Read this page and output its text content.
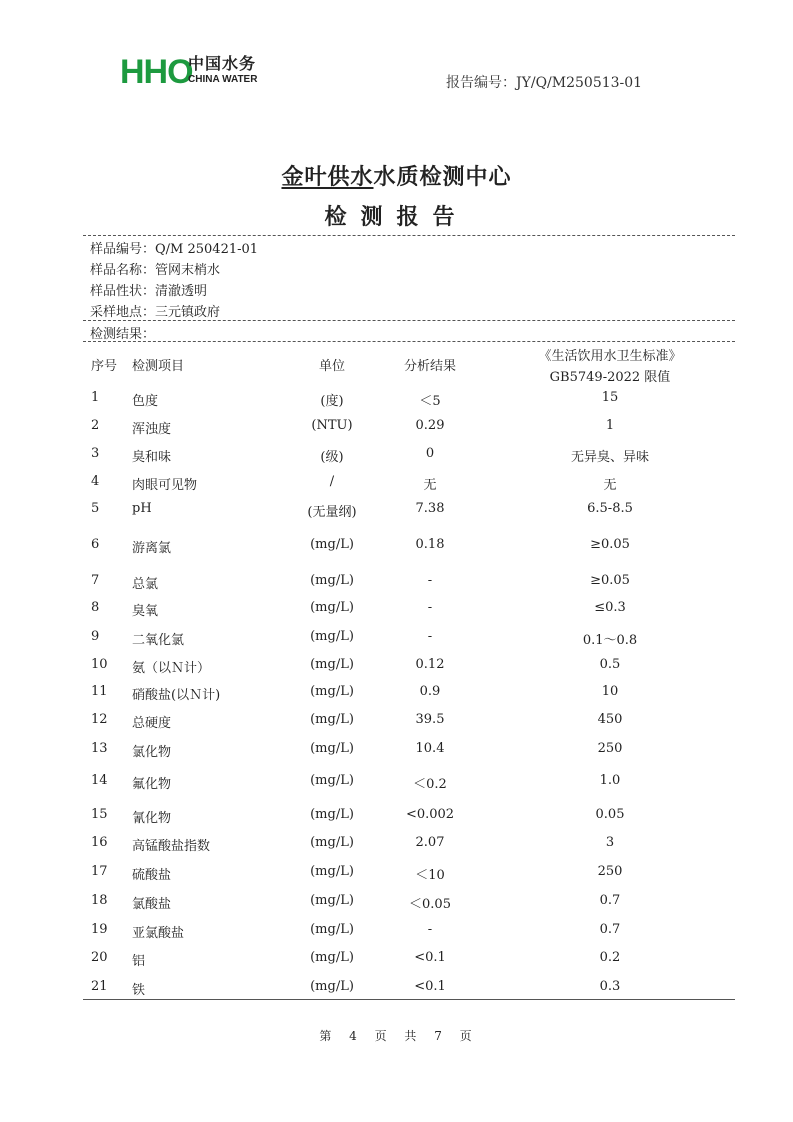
HHO
中国水务
CHINA WATER	报告编号：JY/Q/M250513-01
金叶供水水质检测中心
检测报告
样品编号：Q/M 250421-01
样品名称：管网末梢水
样品性状：清澈透明
采样地点：三元镇政府
检测结果：
序号 检测项目	单位	分析结果
《生活饮用水卫生标准》
GB5749-2022 限值
1	色度	(度)	＜5	15
2	浑浊度	(NTU)	0.29	1
3	臭和味	(级)	0	无异臭、异味
4	肉眼可见物	/	无	无
5	pH	(无量纲)	7.38	6.5-8.5
6	游离氯	(mg/L)	0.18	≥0.05
7	总氯	(mg/L)	-	≥0.05
8	臭氧	(mg/L)	-	≤0.3
9	二氧化氯	(mg/L)	-	0.1～0.8
10 氨（以Ｎ计）	(mg/L)	0.12	0.5
11 硝酸盐(以Ｎ计)	(mg/L)	0.9	10
12 总硬度	(mg/L)	39.5	450
13 氯化物	(mg/L)	10.4	250
14 氟化物	(mg/L)	＜0.2	1.0
15 氰化物	(mg/L)	<0.002	0.05
16 高锰酸盐指数	(mg/L)	2.07	3
17 硫酸盐	(mg/L)	＜10	250
18 氯酸盐	(mg/L)	＜0.05	0.7
19 亚氯酸盐	(mg/L)	-	0.7
20 铝	(mg/L)	<0.1	0.2
21 铁	(mg/L)	<0.1	0.3
第 4 页 共 7 页
